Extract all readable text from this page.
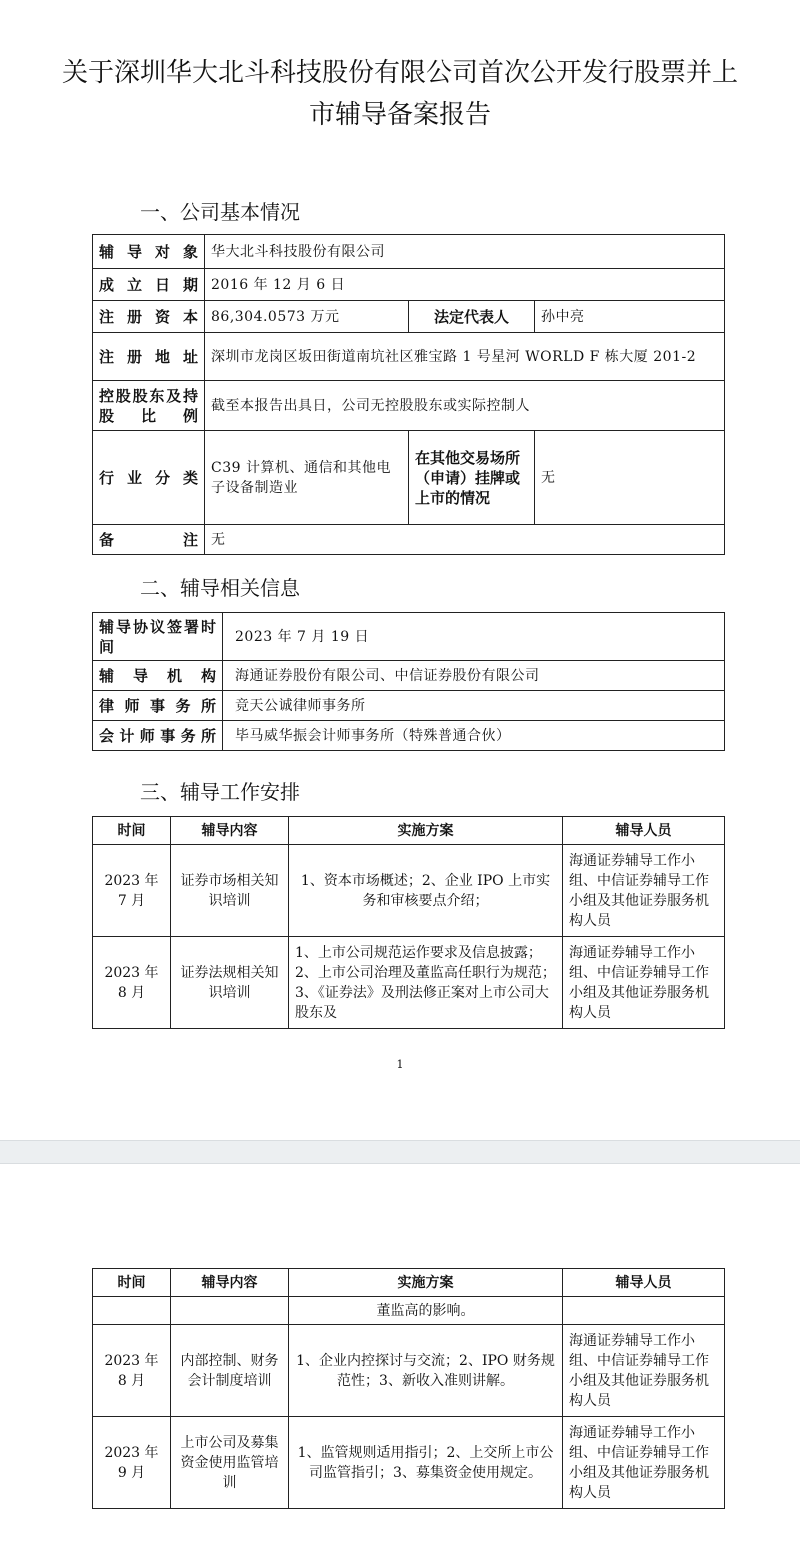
关于深圳华大北斗科技股份有限公司首次公开发行股票并上市辅导备案报告
一、公司基本情况
辅导对象	华大北斗科技股份有限公司		
成立日期	2016 年 12 月 6 日		
注册资本	86,304.0573 万元	法定代表人	孙中亮
注册地址	深圳市龙岗区坂田街道南坑社区雅宝路 1 号星河 WORLD F 栋大厦 201-2		
控股股东及持股比例	截至本报告出具日，公司无控股股东或实际控制人		
行业分类	C39 计算机、通信和其他电子设备制造业	在其他交易场所（申请）挂牌或上市的情况	无
备注	无		
二、辅导相关信息
辅导协议签署时间	2023 年 7 月 19 日
辅导机构	海通证券股份有限公司、中信证券股份有限公司
律师事务所	竞天公诚律师事务所
会计师事务所	毕马威华振会计师事务所（特殊普通合伙）
三、辅导工作安排
时间	辅导内容	实施方案	辅导人员
2023 年 7 月	证券市场相关知识培训	1、资本市场概述；2、企业 IPO 上市实务和审核要点介绍；	海通证券辅导工作小组、中信证券辅导工作小组及其他证券服务机构人员
2023 年 8 月	证券法规相关知识培训	1、上市公司规范运作要求及信息披露；2、上市公司治理及董监高任职行为规范；3、《证券法》及刑法修正案对上市公司大股东及	海通证券辅导工作小组、中信证券辅导工作小组及其他证券服务机构人员
1
时间	辅导内容	实施方案	辅导人员
		董监高的影响。	
2023 年 8 月	内部控制、财务会计制度培训	1、企业内控探讨与交流；2、IPO 财务规范性；3、新收入准则讲解。	海通证券辅导工作小组、中信证券辅导工作小组及其他证券服务机构人员
2023 年 9 月	上市公司及募集资金使用监管培训	1、监管规则适用指引；2、上交所上市公司监管指引；3、募集资金使用规定。	海通证券辅导工作小组、中信证券辅导工作小组及其他证券服务机构人员
